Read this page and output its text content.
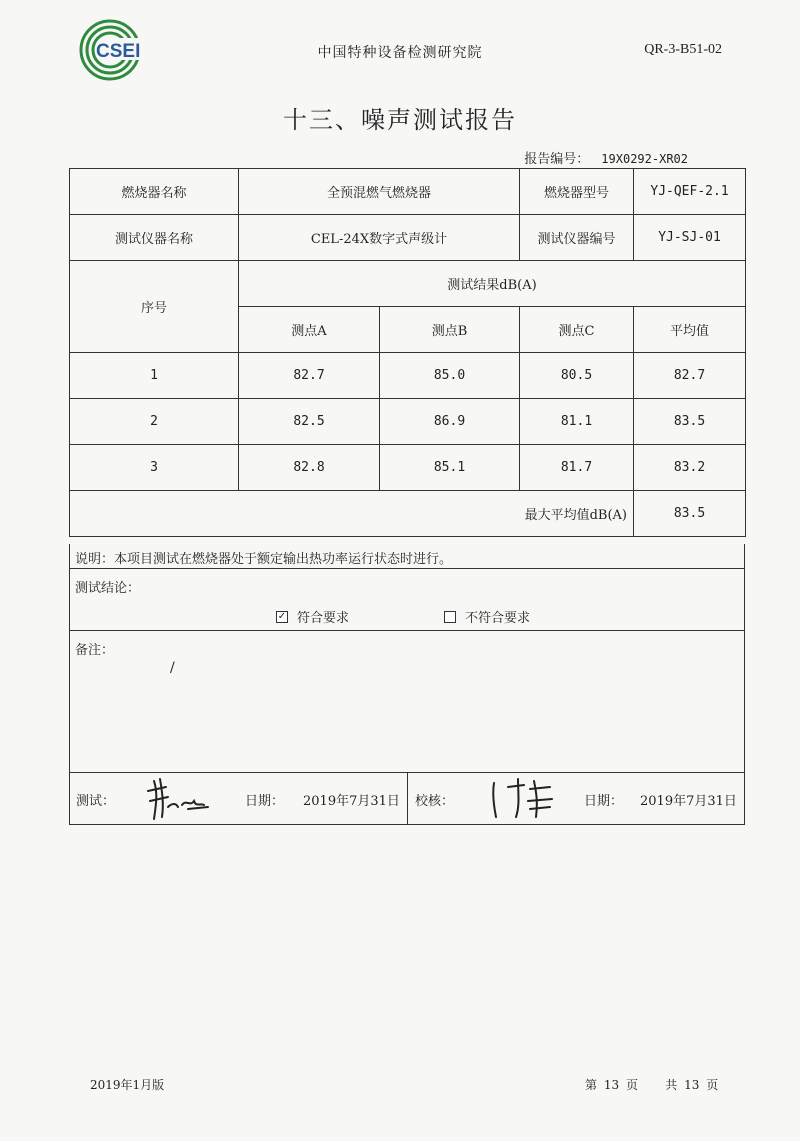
CSEI	中国特种设备检测研究院	QR-3-B51-02
十三、噪声测试报告
报告编号： 19X0292-XR02
燃烧器名称	全预混燃气燃烧器		燃烧器型号	YJ-QEF-2.1
测试仪器名称	CEL-24X数字式声级计		测试仪器编号	YJ-SJ-01
序号	测试结果dB(A)			
	测点A	测点B	测点C	平均值
1	82.7	85.0	80.5	82.7
2	82.5	86.9	81.1	83.5
3	82.8	85.1	81.7	83.2
最大平均值dB(A)				83.5
说明：本项目测试在燃烧器处于额定输出热功率运行状态时进行。
测试结论：
✓ 符合要求	不符合要求
备注：
/
测试：	日期： 2019年7月31日 校核：	日期： 2019年7月31日
2019年1月版	第 13 页 共 13 页
